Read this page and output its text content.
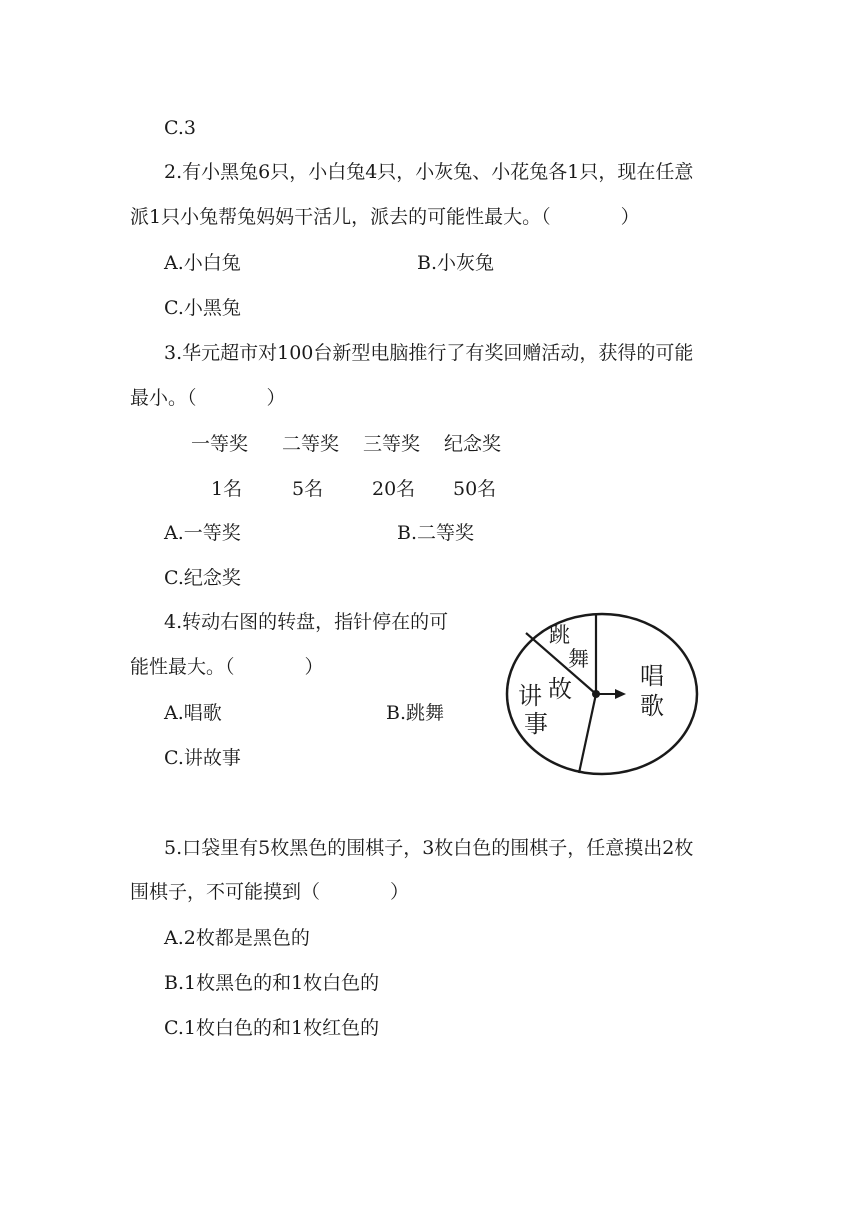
C.3
2.有小黑兔6只，小白兔4只，小灰兔、小花兔各1只，现在任意
派1只小兔帮兔妈妈干活儿，派去的可能性最大。（	）
A.小白兔	B.小灰兔
C.小黑兔
3.华元超市对100台新型电脑推行了有奖回赠活动，获得的可能
最小。（	）
一等奖 二等奖 三等奖 纪念奖
1名	5名	20名 50名
A.一等奖	B.二等奖
C.纪念奖
4.转动右图的转盘，指针停在的可
能性最大。（	）
A.唱歌	B.跳舞
C.讲故事
跳
舞
讲 故
事
唱
歌
5.口袋里有5枚黑色的围棋子，3枚白色的围棋子，任意摸出2枚
围棋子，不可能摸到（	）
A.2枚都是黑色的
B.1枚黑色的和1枚白色的
C.1枚白色的和1枚红色的
